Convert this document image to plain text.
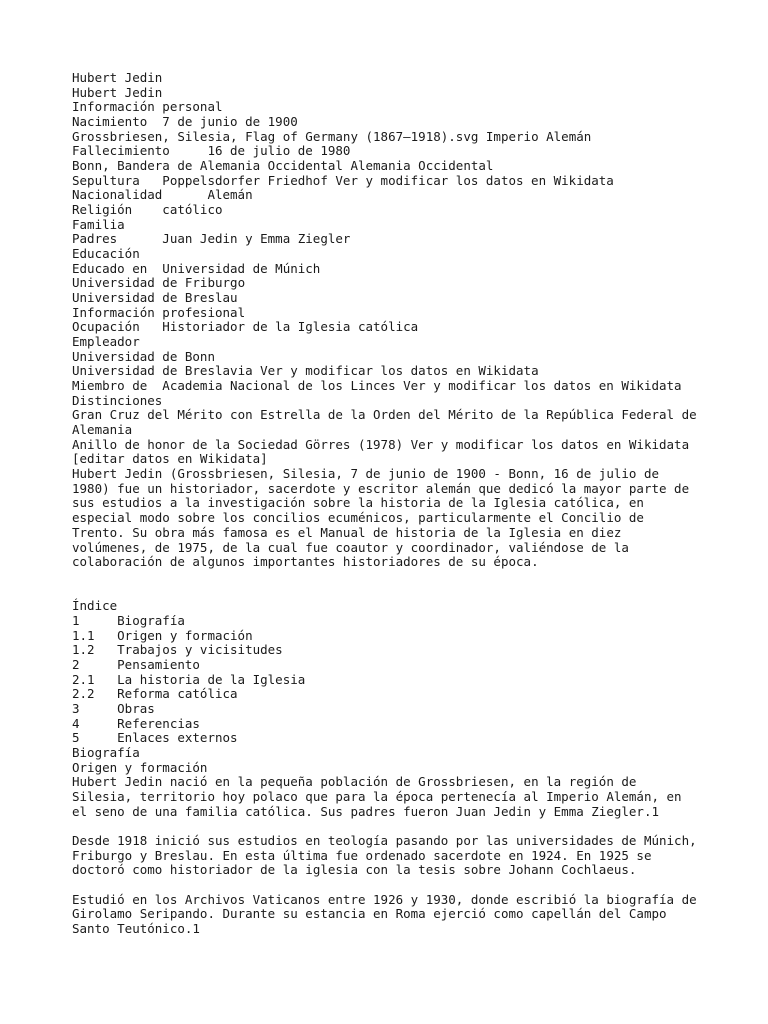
Hubert Jedin
Hubert Jedin
Información personal
Nacimiento	7 de junio de 1900
Grossbriesen, Silesia, Flag of Germany (1867–1918).svg Imperio Alemán
Fallecimiento	16 de julio de 1980
Bonn, Bandera de Alemania Occidental Alemania Occidental
Sepultura	Poppelsdorfer Friedhof Ver y modificar los datos en Wikidata
Nacionalidad	Alemán
Religión	católico
Familia
Padres	Juan Jedin y Emma Ziegler
Educación
Educado en	Universidad de Múnich
Universidad de Friburgo
Universidad de Breslau
Información profesional
Ocupación	Historiador de la Iglesia católica
Empleador
Universidad de Bonn
Universidad de Breslavia Ver y modificar los datos en Wikidata
Miembro de	Academia Nacional de los Linces Ver y modificar los datos en Wikidata
Distinciones
Gran Cruz del Mérito con Estrella de la Orden del Mérito de la República Federal de Alemania
Anillo de honor de la Sociedad Görres (1978) Ver y modificar los datos en Wikidata
[editar datos en Wikidata]

Hubert Jedin (Grossbriesen, Silesia, 7 de junio de 1900 - Bonn, 16 de julio de 1980) fue un historiador, sacerdote y escritor alemán que dedicó la mayor parte de sus estudios a la investigación sobre la historia de la Iglesia católica, en especial modo sobre los concilios ecuménicos, particularmente el Concilio de Trento. Su obra más famosa es el Manual de historia de la Iglesia en diez volúmenes, de 1975, de la cual fue coautor y coordinador, valiéndose de la colaboración de algunos importantes historiadores de su época.

Índice
1	Biografía
1.1	Origen y formación
1.2	Trabajos y vicisitudes
2	Pensamiento
2.1	La historia de la Iglesia
2.2	Reforma católica
3	Obras
4	Referencias
5	Enlaces externos
Biografía
Origen y formación

Hubert Jedin nació en la pequeña población de Grossbriesen, en la región de Silesia, territorio hoy polaco que para la época pertenecía al Imperio Alemán, en el seno de una familia católica. Sus padres fueron Juan Jedin y Emma Ziegler.1

Desde 1918 inició sus estudios en teología pasando por las universidades de Múnich, Friburgo y Breslau. En esta última fue ordenado sacerdote en 1924. En 1925 se doctoró como historiador de la iglesia con la tesis sobre Johann Cochlaeus.

Estudió en los Archivos Vaticanos entre 1926 y 1930, donde escribió la biografía de Girolamo Seripando. Durante su estancia en Roma ejerció como capellán del Campo Santo Teutónico.1
